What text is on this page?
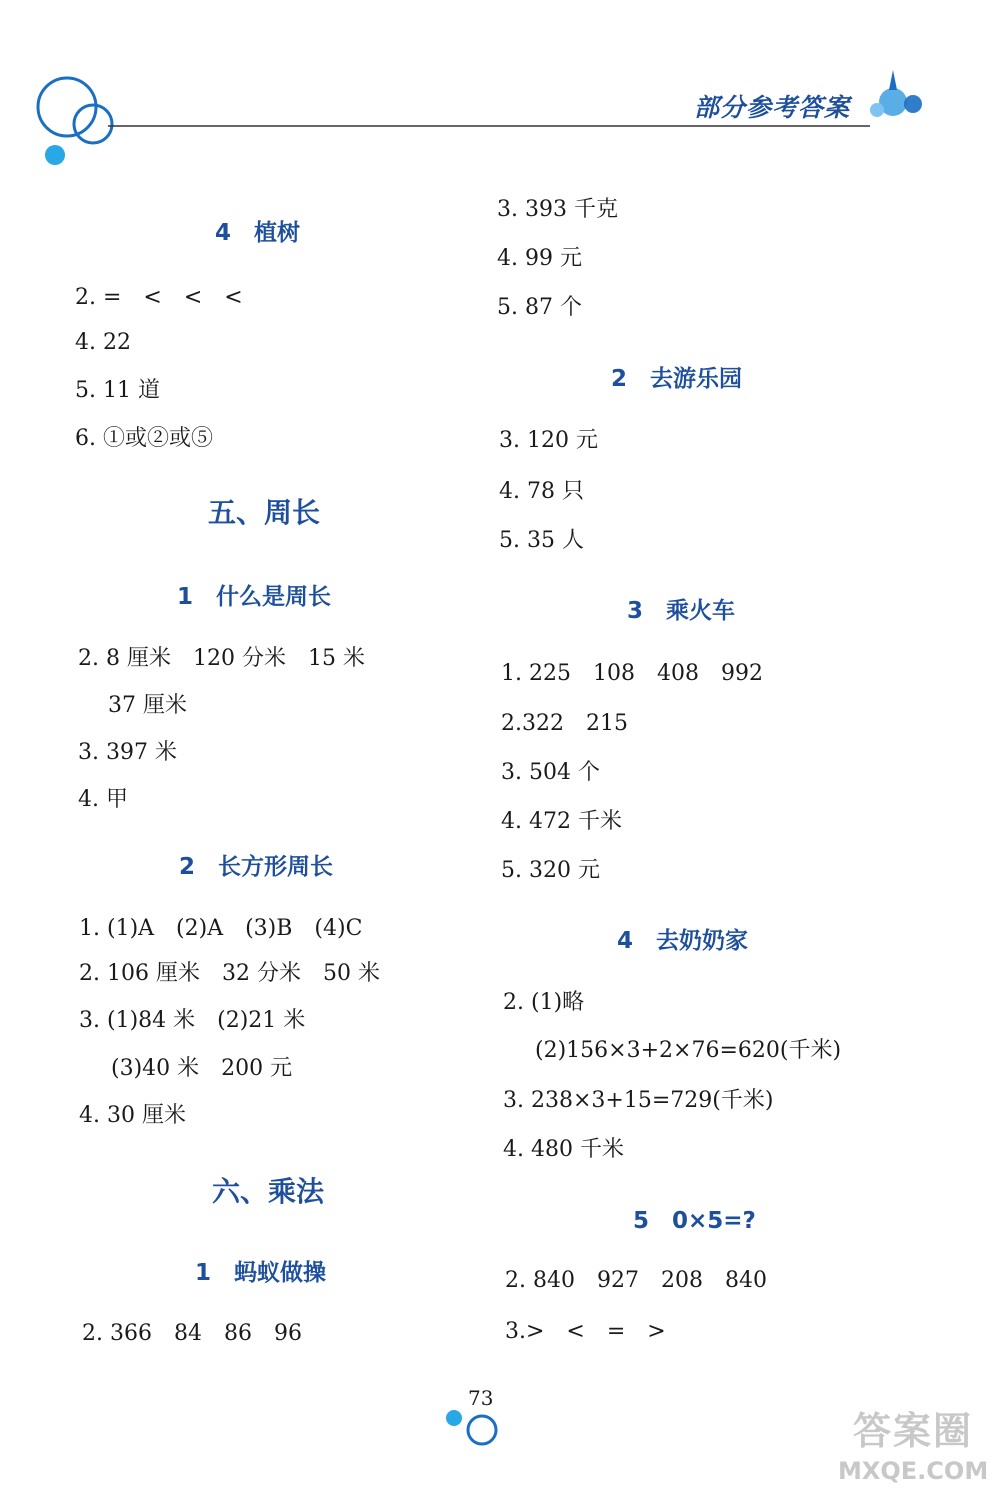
部分参考答案
4　植树
2. =　<　<　<
4. 22
5. 11 道
6. ①或②或⑤
五、周长
1　什么是周长
2. 8 厘米　120 分米　15 米
37 厘米
3. 397 米
4. 甲
2　长方形周长
1. (1)A　(2)A　(3)B　(4)C
2. 106 厘米　32 分米　50 米
3. (1)84 米　(2)21 米
(3)40 米　200 元
4. 30 厘米
六、乘法
1　蚂蚁做操
2. 366　84　86　96
3. 393 千克
4. 99 元
5. 87 个
2　去游乐园
3. 120 元
4. 78 只
5. 35 人
3　乘火车
1. 225　108　408　992
2.322　215
3. 504 个
4. 472 千米
5. 320 元
4　去奶奶家
2. (1)略
(2)156×3+2×76=620(千米)
3. 238×3+15=729(千米)
4. 480 千米
5　0×5=?
2. 840　927　208　840
3.>　<　=　>
73
答案圈
MXQE.COM
